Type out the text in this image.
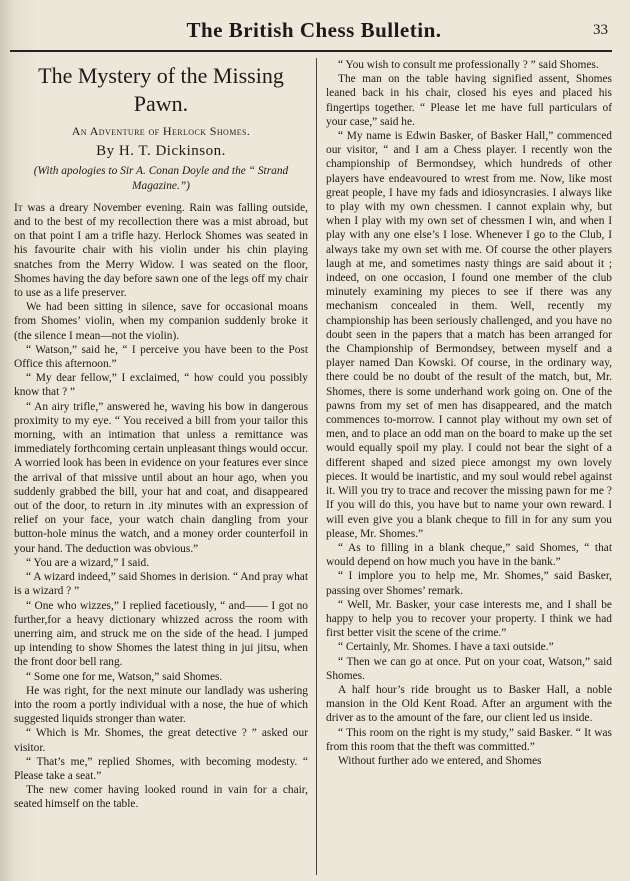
The British Chess Bulletin.	33
The Mystery of the Missing Pawn.
An Adventure of Herlock Shomes.
By H. T. Dickinson.
(With apologies to Sir A. Conan Doyle and the “ Strand Magazine.”)

It was a dreary November evening. Rain was falling outside, and to the best of my recollection there was a mist abroad, but on that point I am a trifle hazy. Herlock Shomes was seated in his favourite chair with his violin under his chin playing snatches from the Merry Widow. I was seated on the floor, Shomes having the day before sawn one of the legs off my chair to use as a life preserver.

We had been sitting in silence, save for occasional moans from Shomes’ violin, when my companion suddenly broke it (the silence I mean—not the violin).

“ Watson,” said he, “ I perceive you have been to the Post Office this afternoon.”

“ My dear fellow,” I exclaimed, “ how could you possibly know that ? ”

“ An airy trifle,” answered he, waving his bow in dangerous proximity to my eye. “ You received a bill from your tailor this morning, with an intimation that unless a remittance was immediately forthcoming certain unpleasant things would occur. A worried look has been in evidence on your features ever since the arrival of that missive until about an hour ago, when you suddenly grabbed the bill, your hat and coat, and disappeared out of the door, to return in .ity minutes with an expression of relief on your face, your watch chain dangling from your button-hole minus the watch, and a money order counterfoil in your hand. The deduction was obvious.”

“ You are a wizard,” I said.

“ A wizard indeed,” said Shomes in derision. “ And pray what is a wizard ? ”

“ One who wizzes,” I replied facetiously, “ and—— I got no further,for a heavy dictionary whizzed across the room with unerring aim, and struck me on the side of the head. I jumped up intending to show Shomes the latest thing in jui jitsu, when the front door bell rang.

“ Some one for me, Watson,” said Shomes.

He was right, for the next minute our landlady was ushering into the room a portly individual with a nose, the hue of which suggested liquids stronger than water.

“ Which is Mr. Shomes, the great detective ? ” asked our visitor.

“ That’s me,” replied Shomes, with becoming modesty. “ Please take a seat.”

The new comer having looked round in vain for a chair, seated himself on the table.

“ You wish to consult me professionally ? ” said Shomes.

The man on the table having signified assent, Shomes leaned back in his chair, closed his eyes and placed his fingertips together. “ Please let me have full particulars of your case,” said he.

“ My name is Edwin Basker, of Basker Hall,” commenced our visitor, “ and I am a Chess player. I recently won the championship of Bermondsey, which hundreds of other players have endeavoured to wrest from me. Now, like most great people, I have my fads and idiosyncrasies. I always like to play with my own chessmen. I cannot explain why, but when I play with my own set of chessmen I win, and when I play with any one else’s I lose. Whenever I go to the Club, I always take my own set with me. Of course the other players laugh at me, and sometimes nasty things are said about it ; indeed, on one occasion, I found one member of the club minutely examining my pieces to see if there was any mechanism concealed in them. Well, recently my championship has been seriously challenged, and you have no doubt seen in the papers that a match has been arranged for the Championship of Bermondsey, between myself and a player named Dan Kowski. Of course, in the ordinary way, there could be no doubt of the result of the match, but, Mr. Shomes, there is some underhand work going on. One of the pawns from my set of men has disappeared, and the match commences to-morrow. I cannot play without my own set of men, and to place an odd man on the board to make up the set would equally spoil my play. I could not bear the sight of a different shaped and sized piece amongst my own lovely pieces. It would be inartistic, and my soul would rebel against it. Will you try to trace and recover the missing pawn for me ? If you will do this, you have but to name your own reward. I will even give you a blank cheque to fill in for any sum you please, Mr. Shomes.”

“ As to filling in a blank cheque,” said Shomes, “ that would depend on how much you have in the bank.”

“ I implore you to help me, Mr. Shomes,” said Basker, passing over Shomes’ remark.

“ Well, Mr. Basker, your case interests me, and I shall be happy to help you to recover your property. I think we had first better visit the scene of the crime.”

“ Certainly, Mr. Shomes. I have a taxi outside.”

“ Then we can go at once. Put on your coat, Watson,” said Shomes.

A half hour’s ride brought us to Basker Hall, a noble mansion in the Old Kent Road. After an argument with the driver as to the amount of the fare, our client led us inside.

“ This room on the right is my study,” said Basker. “ It was from this room that the theft was committed.”

Without further ado we entered, and Shomes
